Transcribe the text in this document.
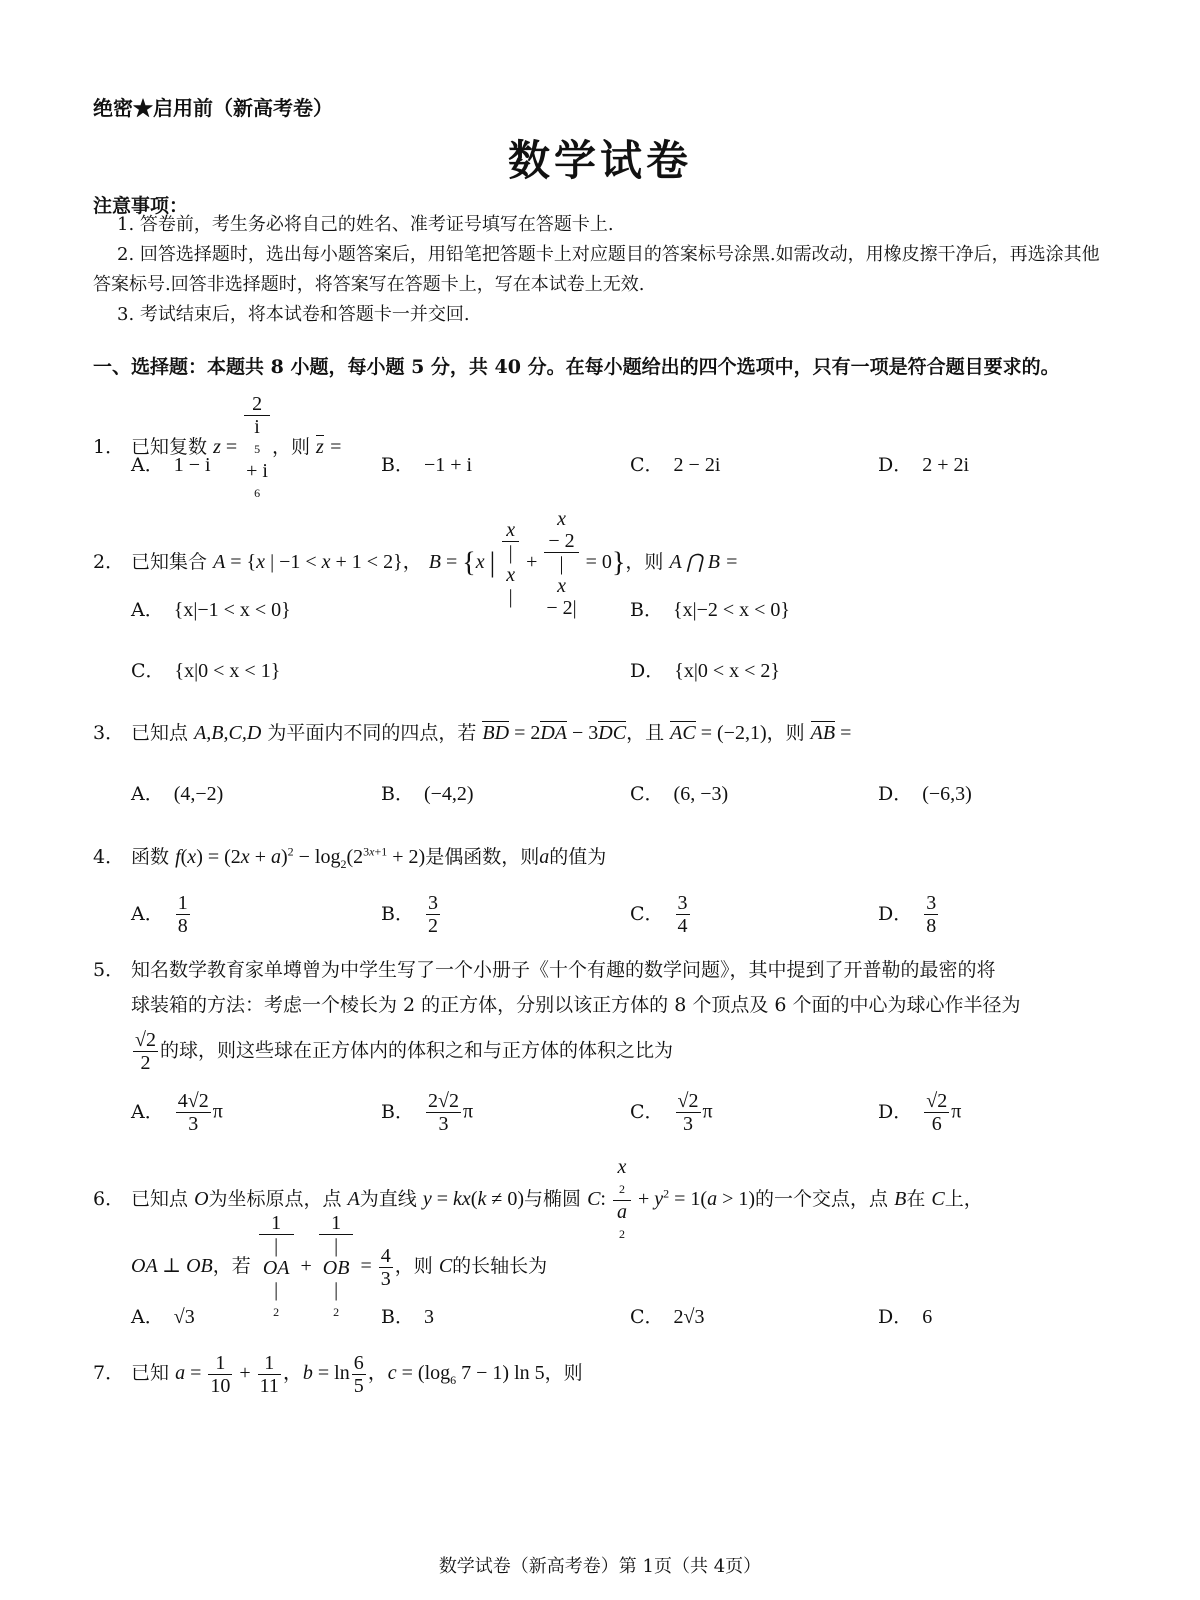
绝密★启用前（新高考卷）
数学试卷
注意事项：
1. 答卷前，考生务必将自己的姓名、准考证号填写在答题卡上.
2. 回答选择题时，选出每小题答案后，用铅笔把答题卡上对应题目的答案标号涂黑.如需改动，用橡皮擦干净后，再选涂其他答案标号.回答非选择题时，将答案写在答题卡上，写在本试卷上无效.
3. 考试结束后，将本试卷和答题卡一并交回.
一、选择题：本题共 8 小题，每小题 5 分，共 40 分。在每小题给出的四个选项中，只有一项是符合题目要求的。
1． 已知复数 z = 2
i
5
+ i
6 ，则 z =
A． 1 − i	B． −1 + i	C． 2 − 2i	D． 2 + 2i
2． 已知集合 A = {x | −1 < x + 1 < 2}， B = {x | x
|
x
| + x
− 2
|
x
− 2| = 0}，则 A ⋂ B =
A． {x|−1 < x < 0}	B． {x|−2 < x < 0}
C． {x|0 < x < 1}	D． {x|0 < x < 2}
3． 已知点 A,B,C,D 为平面内不同的四点，若 BD = 2DA − 3DC，且 AC = (−2,1)，则 AB =
A． (4,−2)	B． (−4,2)	C． (6, −3)	D． (−6,3)
4． 函数 $f(x) = (2x + a)^2 - \log_2(2^{3x+1} + 2)$是偶函数，则a的值为
A． $\frac{1}{8}$	B． $\frac{3}{2}$	C． $\frac{3}{4}$	D． $\frac{3}{8}$
5． 知名数学教育家单墫曾为中学生写了一个小册子《十个有趣的数学问题》，其中提到了开普勒的最密的将
球装箱的方法：考虑一个棱长为 2 的正方体，分别以该正方体的 8 个顶点及 6 个面的中心为球心作半径为
$\frac{√2}{2}$ 的球，则这些球在正方体内的体积之和与正方体的体积之比为
A． $\frac{4√2}{3}$ π	B． $\frac{2√2}{3}$ π	C． $\frac{√2}{3}$ π	D． $\frac{√2}{6}$ π
6． 已知点 O为坐标原点，点 A为直线 y = kx(k ≠ 0)与椭圆 C: x
2
a
$2 + y^2 = 1(a > 1)$的一个交点，点 B在 C上，
OA ⊥ OB，若 1
|
OA
|
2 + 1
|
OB
|
$2 = \frac{4}{3}$ ，则 C的长轴长为
A． √3	B． 3	C． 2√3	D． 6
7． 已知 $a = \frac{1}{10} + \frac{1}{11}$ ，$b = \ln \frac{6}{5}$ ，$c = (\log_6$ 7 − 1) ln 5，则
数学试卷（新高考卷）第 1页（共 4页）
